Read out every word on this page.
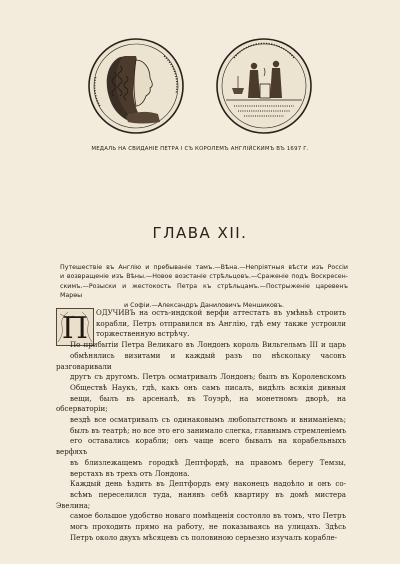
МЕДАЛЬ НА СВИДАНІЕ ПЕТРА I СЪ КОРОЛЕМЪ АНГЛІЙСКИМЪ ВЪ 1697 Г.
ГЛАВА XII.
Путешествіе въ Англію и пребываніе тамъ.—Вѣна.—Непріятныя вѣсти изъ Россіи
и возвращеніе изъ Вѣны.—Новое возстаніе стрѣльцовъ.—Сраженіе подъ Воскресен-
скимъ.—Розыски и жестокость Петра къ стрѣльцамъ.—Пострыженіе царевенъ Марѳы
и Софіи.—Александръ Даниловичъ Меншиковъ.
П	ОДУЧИВЪ на остъ-индской верфи аттестатъ въ умѣньѣ строить
корабли, Петръ отправился въ Англію, гдѣ ему также устроили
торжественную встрѣчу.

По прибытіи Петра Великаго въ Лондонъ король Вильгельмъ III и царь
обмѣнялись визитами и каждый разъ по нѣскольку часовъ разговаривали
другъ съ другомъ. Петръ осматривалъ Лондонъ; былъ въ Королевскомъ
Обществѣ Наукъ, гдѣ, какъ онъ самъ писалъ, видѣлъ всякія дивныя
вещи, былъ въ арсеналѣ, въ Тоуэрѣ, на монетномъ дворѣ, на обсерваторіи;
вездѣ все осматривалъ съ одинаковымъ любопытствомъ и вниманіемъ;
былъ въ театрѣ; но все это его занимало слегка, главнымъ стремленіемъ
его оставались корабли; онъ чаще всего бывалъ на корабельныхъ верфяхъ
въ близлежащемъ городкѣ Дептфордѣ, на правомъ берегу Темзы,
верстахъ въ трехъ отъ Лондона.

Каждый день ѣздить въ Дептфордъ ему наконецъ надоѣло и онъ со-
всѣмъ переселился туда, нанявъ себѣ квартиру въ домѣ мистера Эвелина;
самое большое удобство новаго помѣщенія состояло въ томъ, что Петръ
могъ проходить прямо на работу, не показываясь на улицахъ. Здѣсь
Петръ около двухъ мѣсяцевъ съ половиною серьезно изучалъ корабле-
